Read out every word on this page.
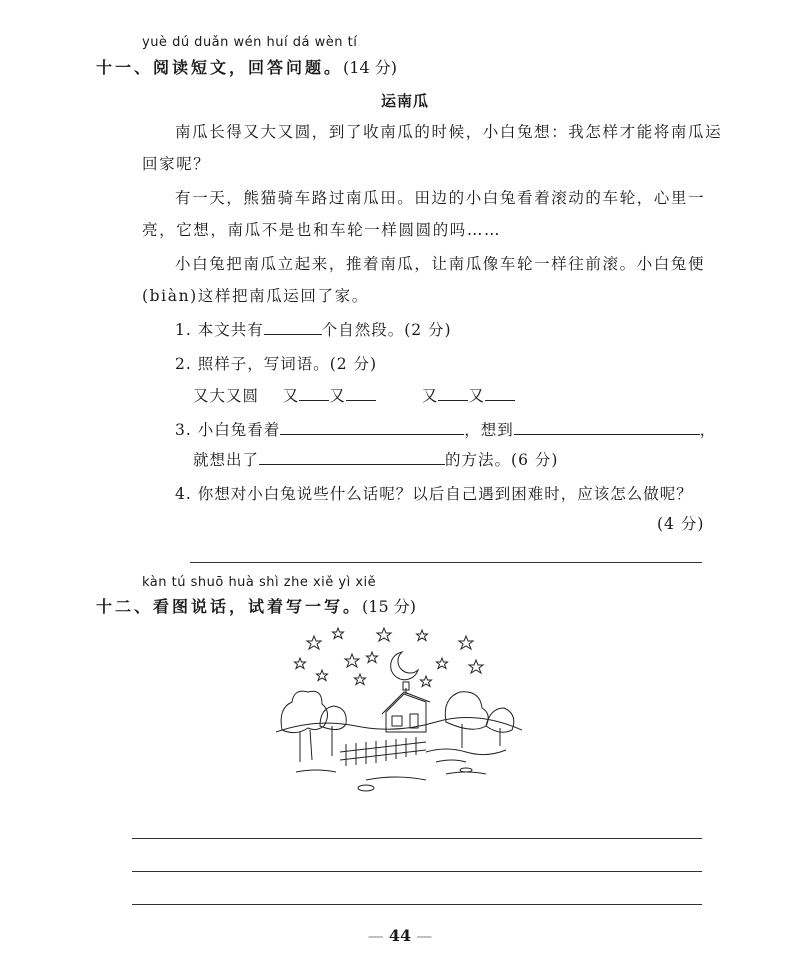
yuè dú duǎn wén huí dá wèn tí
十一、阅读短文，回答问题。(14 分)
运南瓜
南瓜长得又大又圆，到了收南瓜的时候，小白兔想：我怎样才能将南瓜运
回家呢？
有一天，熊猫骑车路过南瓜田。田边的小白兔看着滚动的车轮，心里一
亮，它想，南瓜不是也和车轮一样圆圆的吗……
小白兔把南瓜立起来，推着南瓜，让南瓜像车轮一样往前滚。小白兔便
(biàn)这样把南瓜运回了家。
1. 本文共有	个自然段。(2 分)
2. 照样子，写词语。(2 分)
又大又圆 又 又	又 又
3. 小白兔看着	，想到	，
就想出了	的方法。(6 分)
4. 你想对小白兔说些什么话呢？以后自己遇到困难时，应该怎么做呢？
(4 分)
kàn tú shuō huà shì zhe xiě yì xiě
十二、看图说话，试着写一写。(15 分)
— 44 —
